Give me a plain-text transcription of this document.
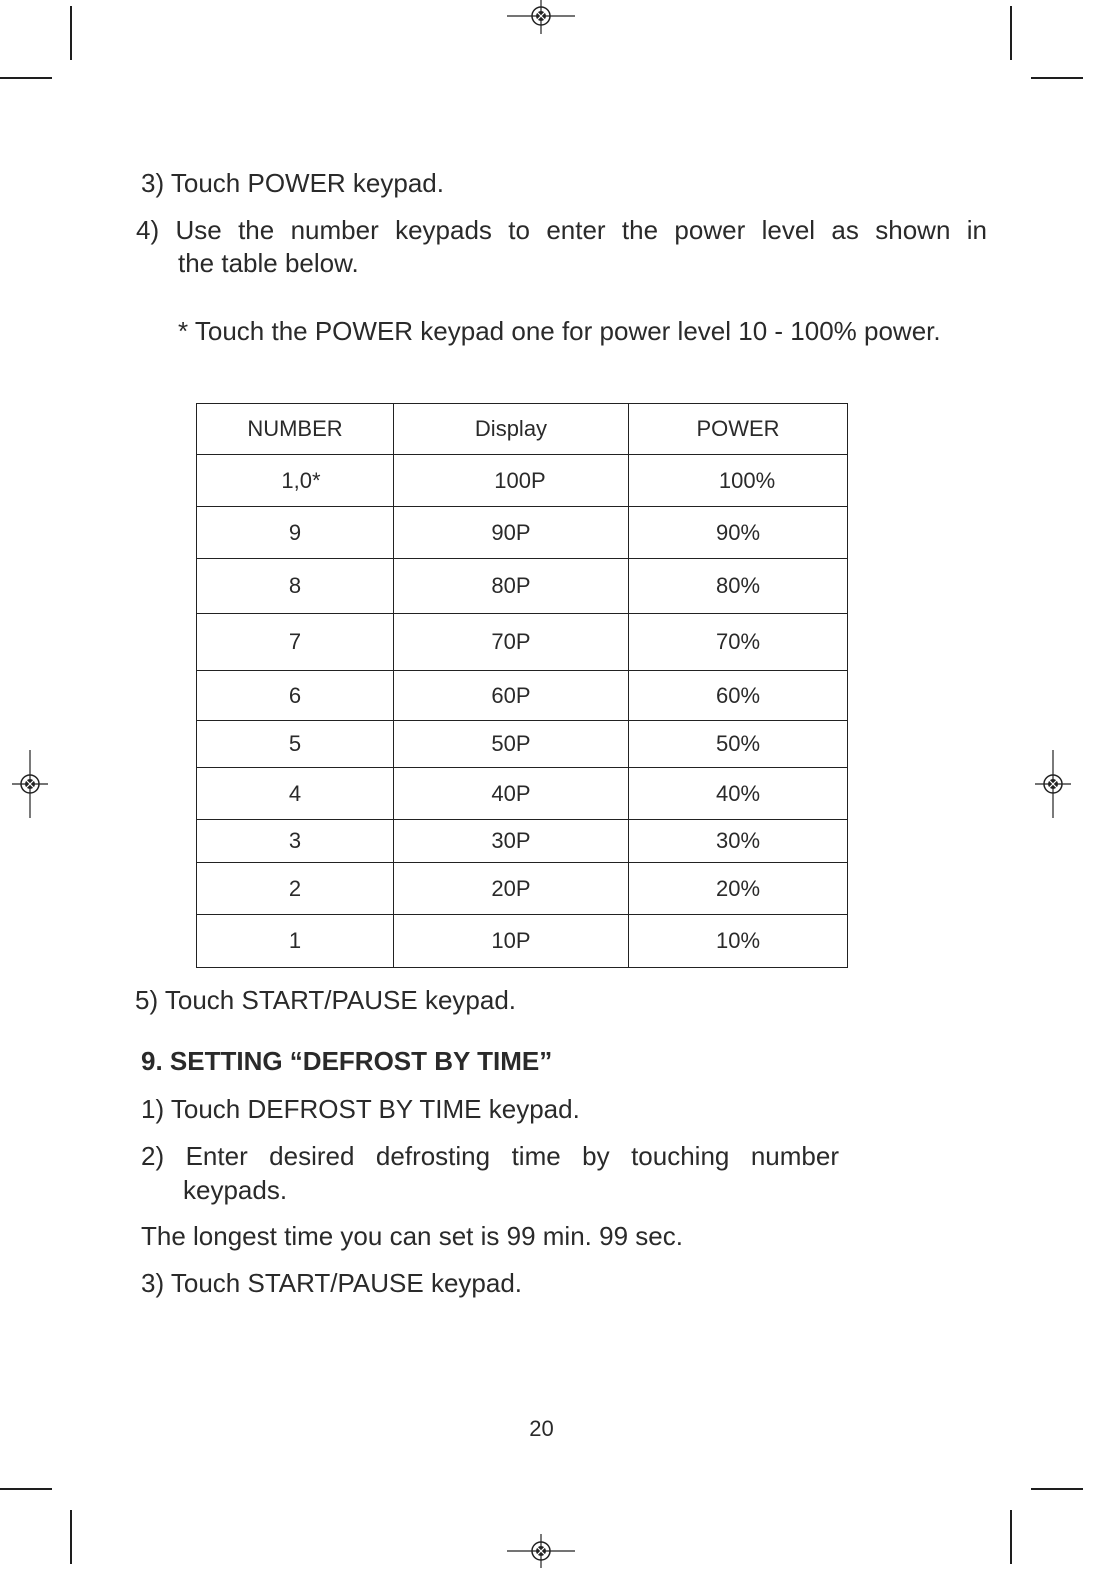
3) Touch POWER keypad.
4) Use the number keypads to enter the power level as shown in
the table below.
* Touch the POWER keypad one for power level 10 - 100% power.
NUMBER	Display	POWER
1,0*	100P	100%
9	90P	90%
8	80P	80%
7	70P	70%
6	60P	60%
5	50P	50%
4	40P	40%
3	30P	30%
2	20P	20%
1	10P	10%
5) Touch START/PAUSE keypad.
9. SETTING “DEFROST BY TIME”
1) Touch DEFROST BY TIME keypad.
2) Enter desired defrosting time by touching number
keypads.
The longest time you can set is 99 min. 99 sec.
3) Touch START/PAUSE keypad.
20
